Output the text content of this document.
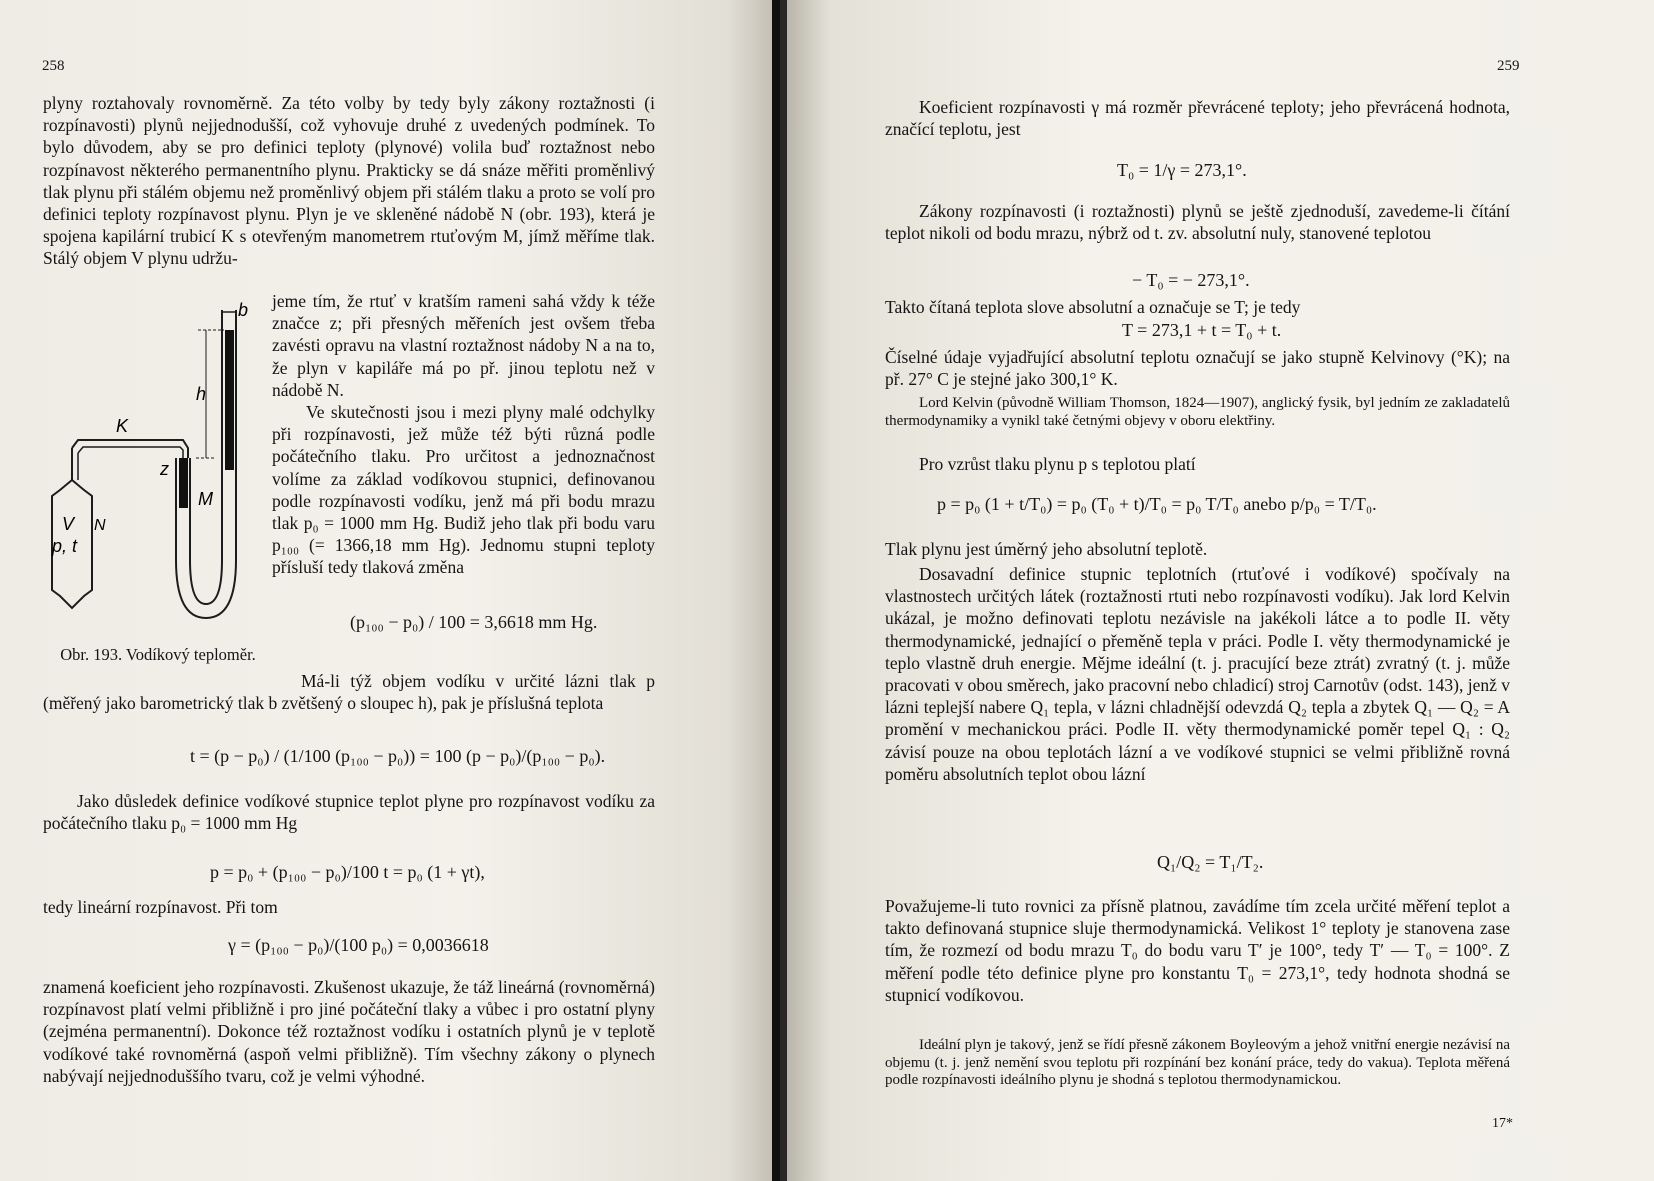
258
plyny roztahovaly rovnoměrně. Za této volby by tedy byly zákony roztažnosti (i rozpínavosti) plynů nejjednodušší, což vyhovuje druhé z uvedených podmínek. To bylo důvodem, aby se pro definici teploty (plynové) volila buď roztažnost nebo rozpínavost některého permanentního plynu. Prakticky se dá snáze měřiti proměnlivý tlak plynu při stálém objemu než proměnlivý objem při stálém tlaku a proto se volí pro definici teploty rozpínavost plynu. Plyn je ve skleněné nádobě N (obr. 193), která je spojena kapilární trubicí K s otevřeným manometrem rtuťovým M, jímž měříme tlak. Stálý objem V plynu udržu-

jeme tím, že rtuť v kratším rameni sahá vždy k téže značce z; při přesných měřeních jest ovšem třeba zavésti opravu na vlastní roztažnost nádoby N a na to, že plyn v kapiláře má po př. jinou teplotu než v nádobě N.

Ve skutečnosti jsou i mezi plyny malé odchylky při rozpínavosti, jež může též býti různá podle počátečního tlaku. Pro určitost a jednoznačnost volíme za základ vodíkovou stupnici, definovanou podle rozpínavosti vodíku, jenž má při bodu mrazu tlak p₀ = 1000 mm Hg. Budiž jeho tlak při bodu varu p₁₀₀ (= 1366,18 mm Hg). Jednomu stupni teploty přísluší tedy tlaková změna

b
h
K
z
M
V
p, t
N
Obr. 193. Vodíkový teploměr.
(p₁₀₀ − p₀) / 100 = 3,6618 mm Hg.

Má-li týž objem vodíku v určité lázni tlak p (měřený jako barometrický tlak b zvětšený o sloupec h), pak je příslušná teplota

t = (p − p₀) / (1/100 (p₁₀₀ − p₀)) = 100 (p − p₀)/(p₁₀₀ − p₀).

Jako důsledek definice vodíkové stupnice teplot plyne pro rozpínavost vodíku za počátečního tlaku p₀ = 1000 mm Hg

p = p₀ + (p₁₀₀ − p₀)/100 t = p₀ (1 + γt),
tedy lineární rozpínavost. Při tom
γ = (p₁₀₀ − p₀)/(100 p₀) = 0,0036618
znamená koeficient jeho rozpínavosti. Zkušenost ukazuje, že táž lineárná (rovnoměrná) rozpínavost platí velmi přibližně i pro jiné počáteční tlaky a vůbec i pro ostatní plyny (zejména permanentní). Dokonce též roztažnost vodíku i ostatních plynů je v teplotě vodíkové také rovnoměrná (aspoň velmi přibližně). Tím všechny zákony o plynech nabývají nejjednoduššího tvaru, což je velmi výhodné.
259

Koeficient rozpínavosti γ má rozměr převrácené teploty; jeho převrácená hodnota, značící teplotu, jest

T₀ = 1/γ = 273,1°.

Zákony rozpínavosti (i roztažnosti) plynů se ještě zjednoduší, zavedeme-li čítání teplot nikoli od bodu mrazu, nýbrž od t. zv. absolutní nuly, stanovené teplotou

− T₀ = − 273,1°.
Takto čítaná teplota slove absolutní a označuje se T; je tedy
T = 273,1 + t = T₀ + t.
Číselné údaje vyjadřující absolutní teplotu označují se jako stupně Kelvinovy (°K); na př. 27° C je stejné jako 300,1° K.

Lord Kelvin (původně William Thomson, 1824—1907), anglický fysik, byl jedním ze zakladatelů thermodynamiky a vynikl také četnými objevy v oboru elektřiny.

Pro vzrůst tlaku plynu p s teplotou platí

p = p₀ (1 + t/T₀) = p₀ (T₀ + t)/T₀ = p₀ T/T₀ anebo p/p₀ = T/T₀.
Tlak plynu jest úměrný jeho absolutní teplotě.

Dosavadní definice stupnic teplotních (rtuťové i vodíkové) spočívaly na vlastnostech určitých látek (roztažnosti rtuti nebo rozpínavosti vodíku). Jak lord Kelvin ukázal, je možno definovati teplotu nezávisle na jakékoli látce a to podle II. věty thermodynamické, jednající o přeměně tepla v práci. Podle I. věty thermodynamické je teplo vlastně druh energie. Mějme ideální (t. j. pracující beze ztrát) zvratný (t. j. může pracovati v obou směrech, jako pracovní nebo chladicí) stroj Carnotův (odst. 143), jenž v lázni teplejší nabere Q₁ tepla, v lázni chladnější odevzdá Q₂ tepla a zbytek Q₁ — Q₂ = A promění v mechanickou práci. Podle II. věty thermodynamické poměr tepel Q₁ : Q₂ závisí pouze na obou teplotách lázní a ve vodíkové stupnici se velmi přibližně rovná poměru absolutních teplot obou lázní

Q₁/Q₂ = T₁/T₂.
Považujeme-li tuto rovnici za přísně platnou, zavádíme tím zcela určité měření teplot a takto definovaná stupnice sluje thermodynamická. Velikost 1° teploty je stanovena zase tím, že rozmezí od bodu mrazu T₀ do bodu varu T′ je 100°, tedy T′ — T₀ = 100°. Z měření podle této definice plyne pro konstantu T₀ = 273,1°, tedy hodnota shodná se stupnicí vodíkovou.

Ideální plyn je takový, jenž se řídí přesně zákonem Boyleovým a jehož vnitřní energie nezávisí na objemu (t. j. jenž nemění svou teplotu při rozpínání bez konání práce, tedy do vakua). Teplota měřená podle rozpínavosti ideálního plynu je shodná s teplotou thermodynamickou.

17*
